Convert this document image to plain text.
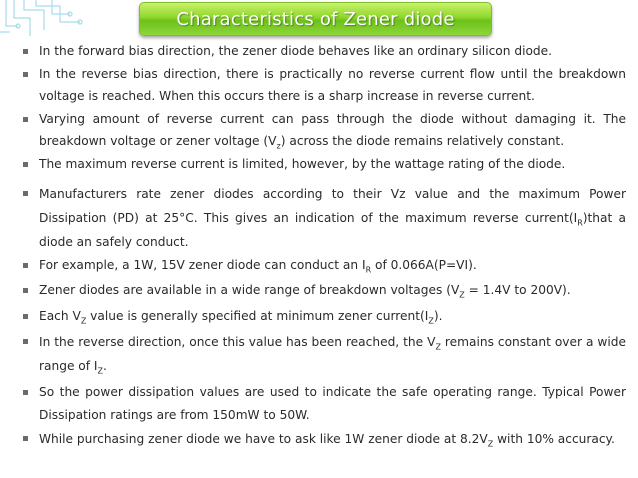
Characteristics of Zener diode
In the forward bias direction, the zener diode behaves like an ordinary silicon diode.
In the reverse bias direction, there is practically no reverse current flow until the breakdown voltage is reached. When this occurs there is a sharp increase in reverse current.
Varying amount of reverse current can pass through the diode without damaging it. The breakdown voltage or zener voltage $(V_z)$ across the diode remains relatively constant.
The maximum reverse current is limited, however, by the wattage rating of the diode.
Manufacturers rate zener diodes according to their Vz value and the maximum Power Dissipation (PD) at 25°C. This gives an indication of the maximum reverse $current(I_R)that$ a diode an safely conduct.
For example, a 1W, 15V zener diode can conduct an $I_R$ of 0.066A(P=VI).
Zener diodes are available in a wide range of breakdown voltages ($V_Z = 1.4V$ to 200V).
Each $V_Z$ value is generally specified at minimum zener $current(I_Z)$.
In the reverse direction, once this value has been reached, the $V_Z$ remains constant over a wide range of $I_Z$.
So the power dissipation values are used to indicate the safe operating range. Typical Power Dissipation ratings are from 150mW to 50W.
While purchasing zener diode we have to ask like 1W zener diode at $8.2V_Z$ with 10% accuracy.
